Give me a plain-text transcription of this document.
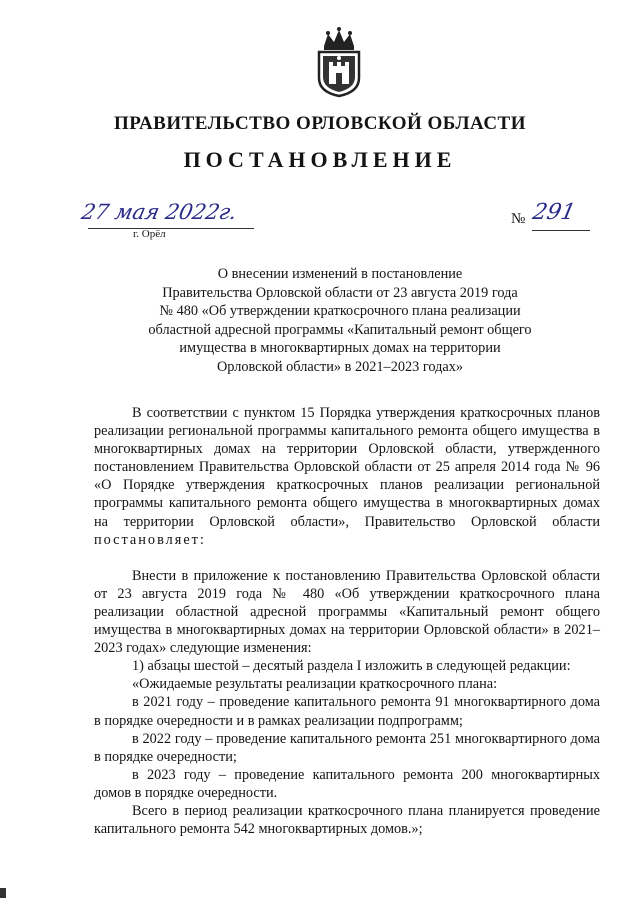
ПРАВИТЕЛЬСТВО ОРЛОВСКОЙ ОБЛАСТИ
ПОСТАНОВЛЕНИЕ
27 мая 2022г.
г. Орёл
№ 291
О внесении изменений в постановление
Правительства Орловской области от 23 августа 2019 года
№ 480 «Об утверждении краткосрочного плана реализации
областной адресной программы «Капитальный ремонт общего
имущества в многоквартирных домах на территории
Орловской области» в 2021–2023 годах»

В соответствии с пунктом 15 Порядка утверждения краткосрочных планов реализации региональной программы капитального ремонта общего имущества в многоквартирных домах на территории Орловской области, утвержденного постановлением Правительства Орловской области от 25 апреля 2014 года № 96 «О Порядке утверждения краткосрочных планов реализации региональной программы капитального ремонта общего имущества в многоквартирных домах на территории Орловской области», Правительство Орловской области постановляет:

Внести в приложение к постановлению Правительства Орловской области от 23 августа 2019 года № 480 «Об утверждении краткосрочного плана реализации областной адресной программы «Капитальный ремонт общего имущества в многоквартирных домах на территории Орловской области» в 2021–2023 годах» следующие изменения:

1) абзацы шестой – десятый раздела I изложить в следующей редакции:

«Ожидаемые результаты реализации краткосрочного плана:

в 2021 году – проведение капитального ремонта 91 многоквартирного дома в порядке очередности и в рамках реализации подпрограмм;

в 2022 году – проведение капитального ремонта 251 многоквартирного дома в порядке очередности;

в 2023 году – проведение капитального ремонта 200 многоквартирных домов в порядке очередности.

Всего в период реализации краткосрочного плана планируется проведение капитального ремонта 542 многоквартирных домов.»;
